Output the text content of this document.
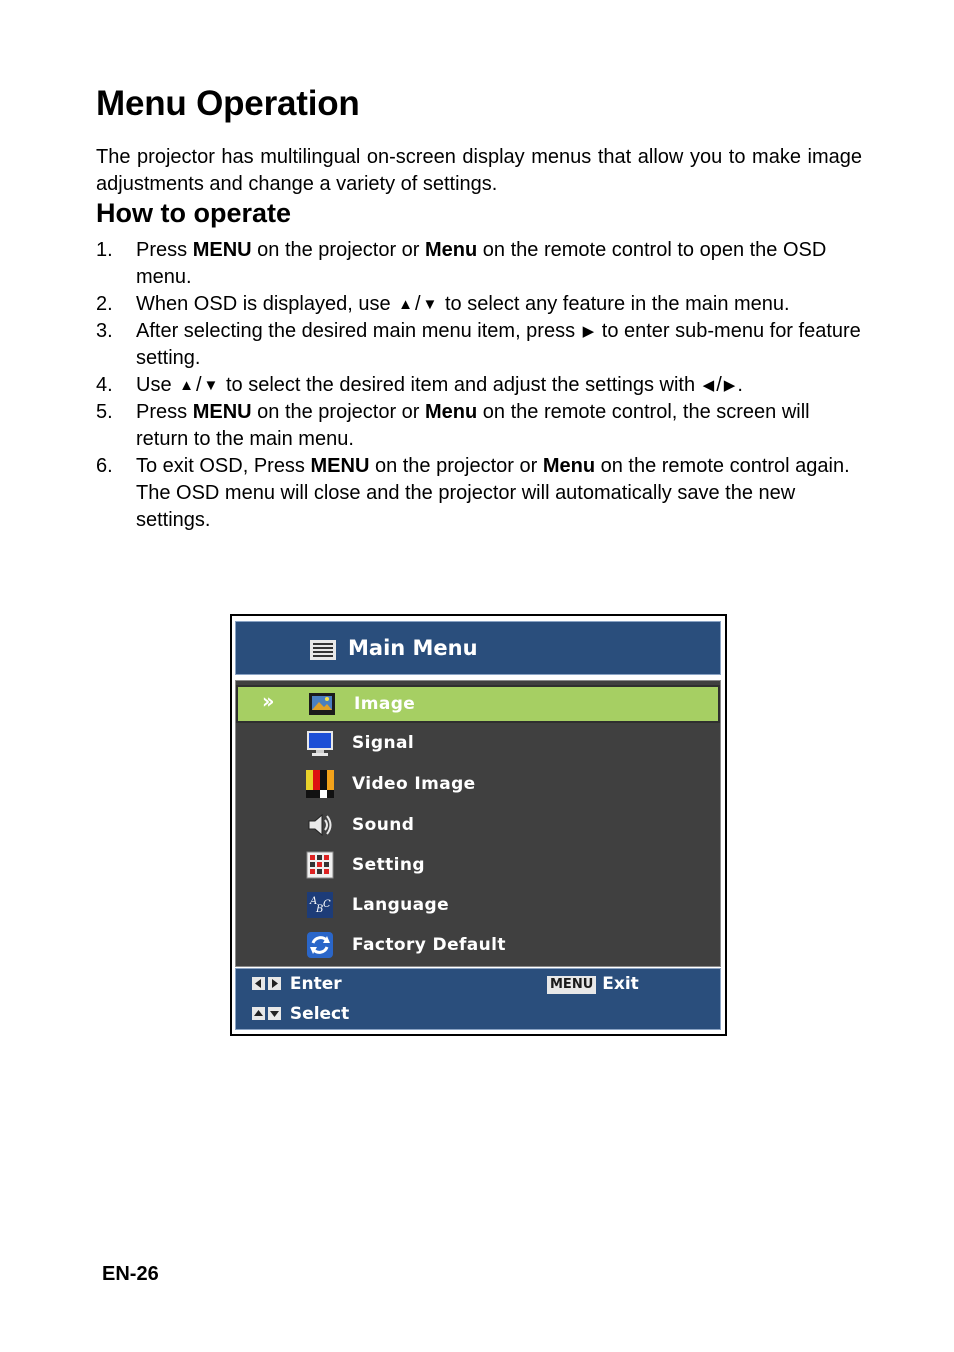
Menu Operation

The projector has multilingual on-screen display menus that allow you to make image adjustments and change a variety of settings.

How to operate
1. Press MENU on the projector or Menu on the remote control to open the OSD menu.
2. When OSD is displayed, use ▲ / ▼ to select any feature in the main menu.
3. After selecting the desired main menu item, press ▶ to enter sub-menu for feature setting.
4. Use ▲ / ▼ to select the desired item and adjust the settings with ◀ / ▶ .
5. Press MENU on the projector or Menu on the remote control, the screen will return to the main menu.
6. To exit OSD, Press MENU on the projector or Menu on the remote control again. The OSD menu will close and the projector will automatically save the new settings.
Main Menu
››	Image
Signal
Video Image
Sound
Setting
A
B C Language
Factory Default
Enter
Select
MENU Exit
EN-26
